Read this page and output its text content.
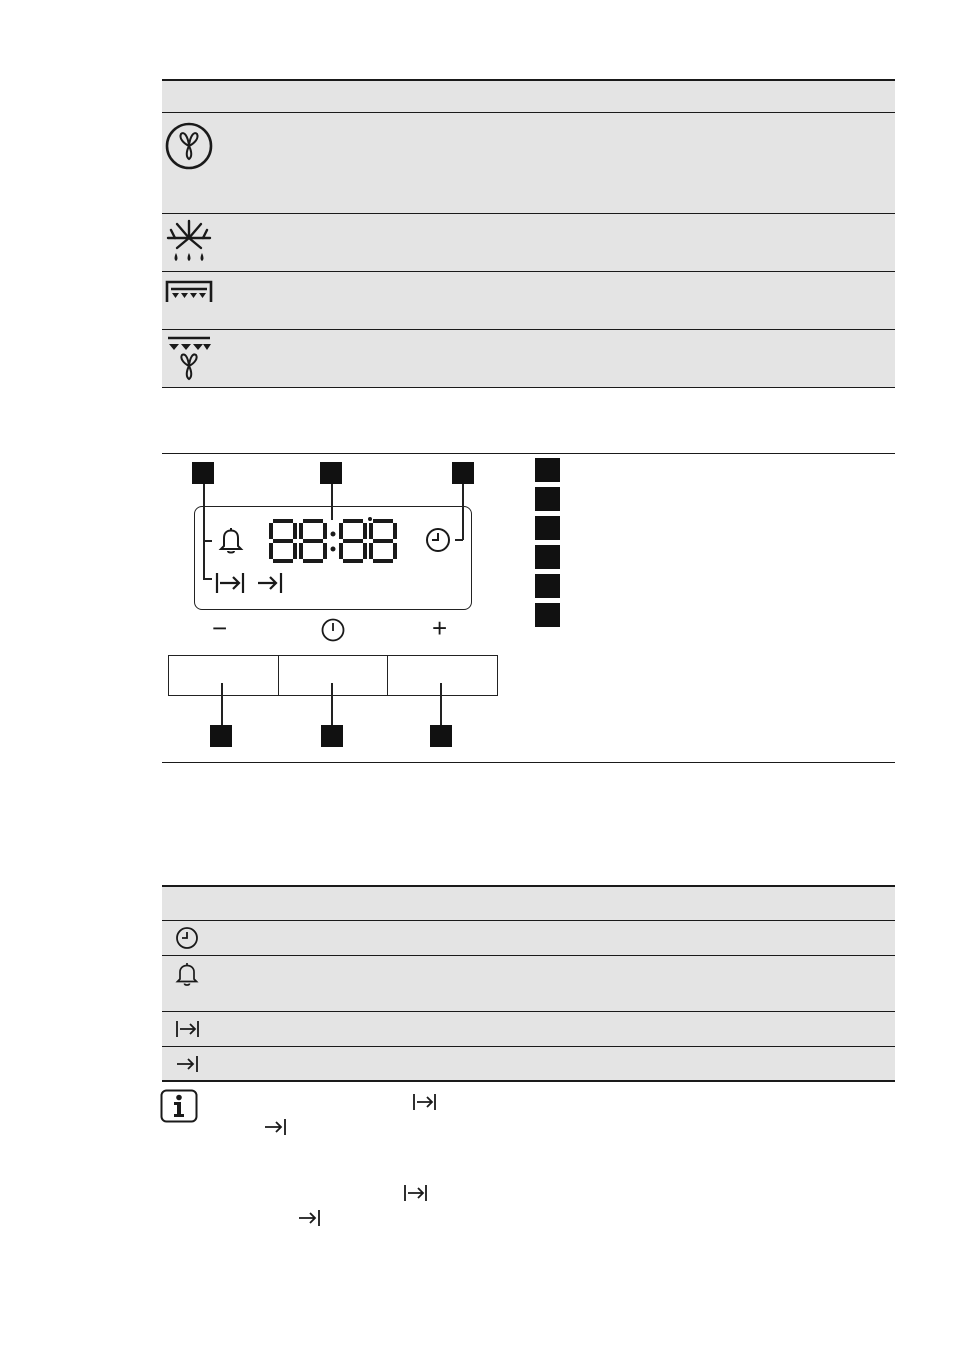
−	+
